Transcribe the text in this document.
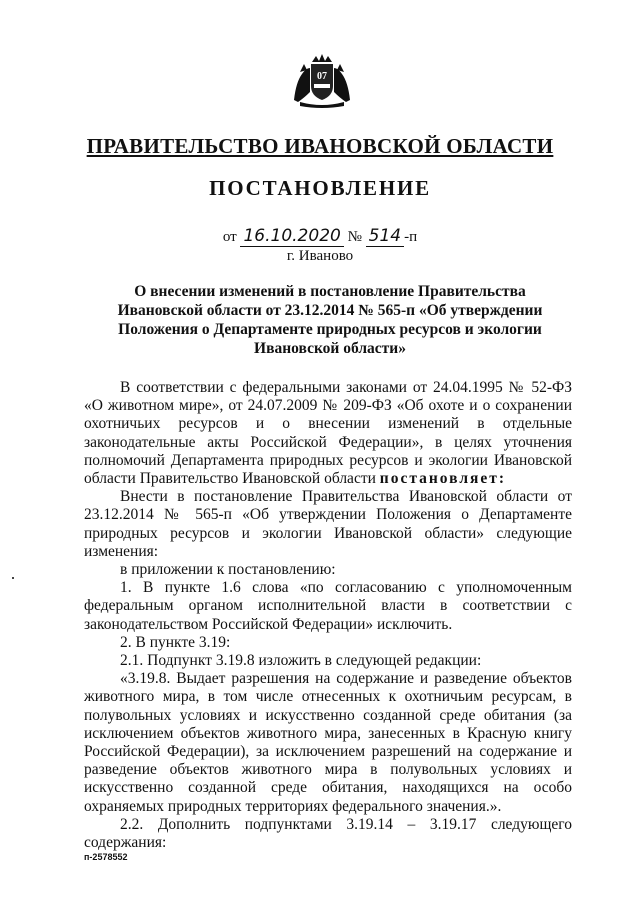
07
ПРАВИТЕЛЬСТВО ИВАНОВСКОЙ ОБЛАСТИ
ПОСТАНОВЛЕНИЕ
от 16.10.2020 № 514 -п
г. Иваново
О внесении изменений в постановление Правительства Ивановской области от 23.12.2014 № 565-п «Об утверждении Положения о Департаменте природных ресурсов и экологии Ивановской области»

В соответствии с федеральными законами от 24.04.1995 № 52-ФЗ «О животном мире», от 24.07.2009 № 209-ФЗ «Об охоте и о сохранении охотничьих ресурсов и о внесении изменений в отдельные законодательные акты Российской Федерации», в целях уточнения полномочий Департамента природных ресурсов и экологии Ивановской области Правительство Ивановской области постановляет:

Внести в постановление Правительства Ивановской области от 23.12.2014 № 565-п «Об утверждении Положения о Департаменте природных ресурсов и экологии Ивановской области» следующие изменения:

в приложении к постановлению:

1. В пункте 1.6 слова «по согласованию с уполномоченным федеральным органом исполнительной власти в соответствии с законодательством Российской Федерации» исключить.

2. В пункте 3.19:

2.1. Подпункт 3.19.8 изложить в следующей редакции:

«3.19.8. Выдает разрешения на содержание и разведение объектов животного мира, в том числе отнесенных к охотничьим ресурсам, в полувольных условиях и искусственно созданной среде обитания (за исключением объектов животного мира, занесенных в Красную книгу Российской Федерации), за исключением разрешений на содержание и разведение объектов животного мира в полувольных условиях и искусственно созданной среде обитания, находящихся на особо охраняемых природных территориях федерального значения.».

2.2. Дополнить подпунктами 3.19.14 – 3.19.17 следующего содержания:

п-2578552
